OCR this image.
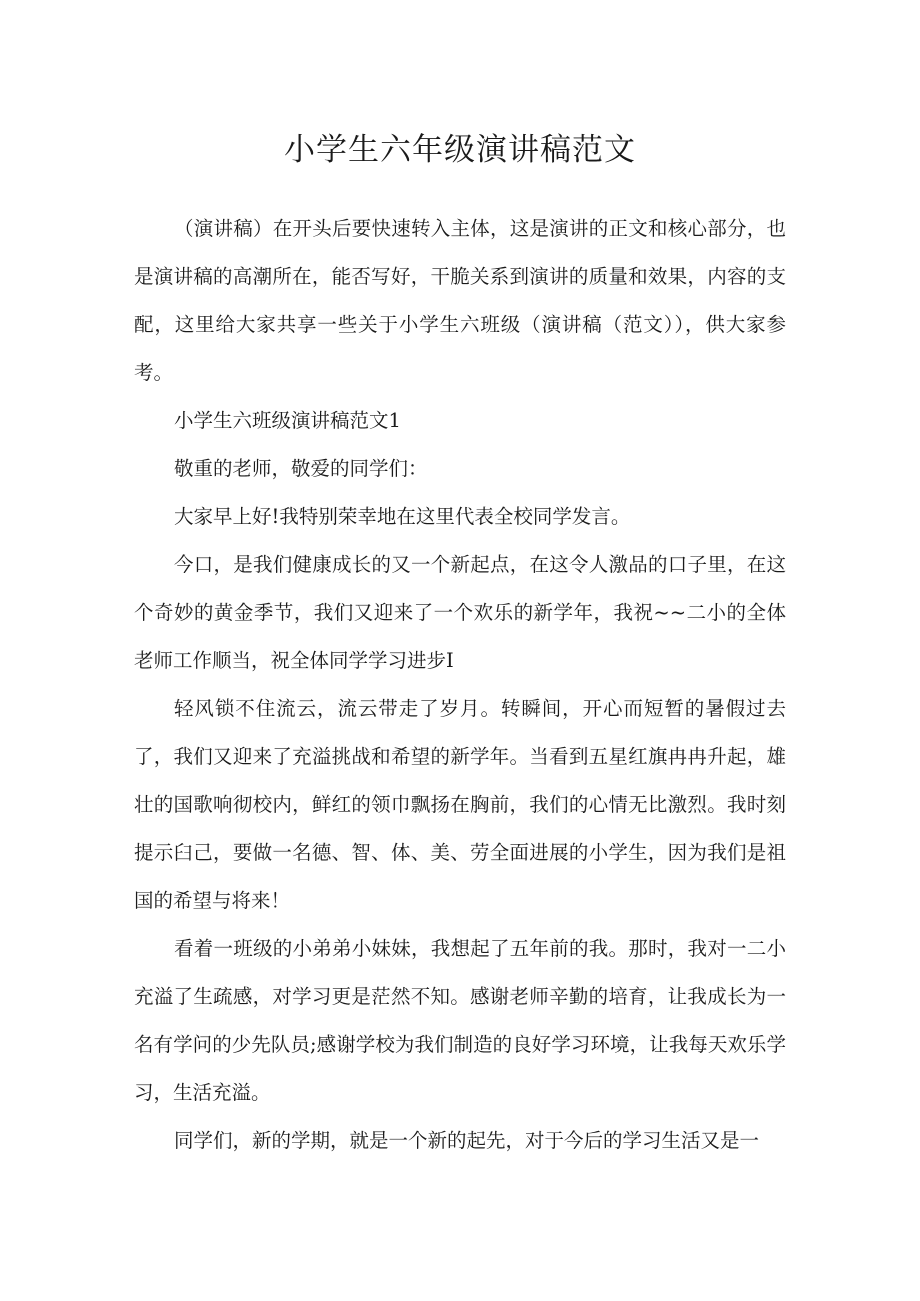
小学生六年级演讲稿范文

（演讲稿）在开头后要快速转入主体，这是演讲的正文和核心部分，也是演讲稿的高潮所在，能否写好，干脆关系到演讲的质量和效果，内容的支配，这里给大家共享一些关于小学生六班级（演讲稿（范文）），供大家参考。

小学生六班级演讲稿范文1

敬重的老师，敬爱的同学们：

大家早上好!我特别荣幸地在这里代表全校同学发言。

今口，是我们健康成长的又一个新起点，在这令人激品的口子里，在这个奇妙的黄金季节，我们又迎来了一个欢乐的新学年，我祝~~二小的全体老师工作顺当，祝全体同学学习进步I

轻风锁不住流云，流云带走了岁月。转瞬间，开心而短暂的暑假过去了，我们又迎来了充溢挑战和希望的新学年。当看到五星红旗冉冉升起，雄壮的国歌响彻校内，鲜红的领巾飘扬在胸前，我们的心情无比激烈。我时刻提示臼己，要做一名德、智、体、美、劳全面进展的小学生，因为我们是祖国的希望与将来！

看着一班级的小弟弟小妹妹，我想起了五年前的我。那时，我对一二小充溢了生疏感，对学习更是茫然不知。感谢老师辛勤的培育，让我成长为一名有学问的少先队员;感谢学校为我们制造的良好学习环境，让我每天欢乐学习，生活充溢。

同学们，新的学期，就是一个新的起先，对于今后的学习生活又是一
